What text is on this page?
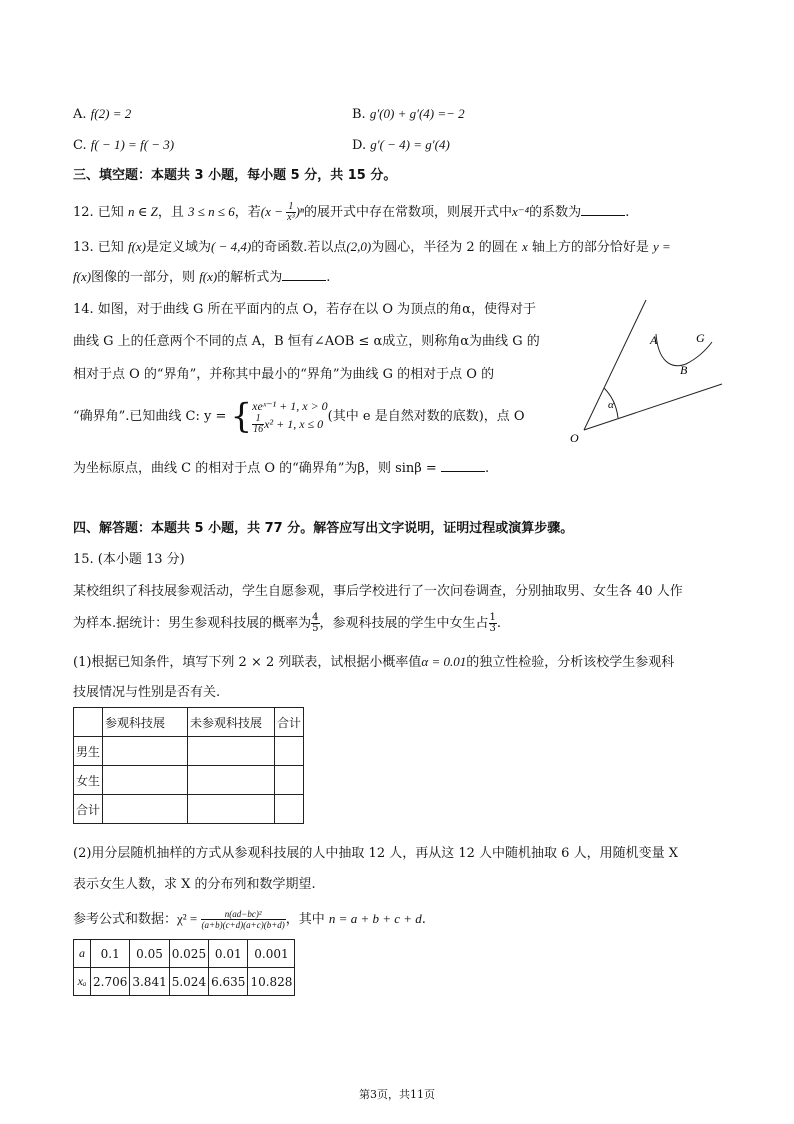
A. f(2) = 2	B. g′(0) + g′(4) =− 2
C. f( − 1) = f( − 3)	D. g′( − 4) = g′(4)
三、填空题：本题共 3 小题，每小题 5 分，共 15 分。
12. 已知 n ∈ Z，且 3 ≤ n ≤ 6，若$(x - \frac{1}{\text{x³}} )^n$的展开式中存在常数项，则展开式中x⁻⁴的系数为	.
13. 已知 f(x)是定义域为( − 4,4)的奇函数.若以点(2,0)为圆心，半径为 2 的圆在 x 轴上方的部分恰好是 y =
f(x)图像的一部分，则 f(x)的解析式为	.
14. 如图，对于曲线 G 所在平面内的点 O，若存在以 O 为顶点的角α，使得对于
曲线 G 上的任意两个不同的点 A，B 恒有∠AOB ≤ α成立，则称角α为曲线 G 的
相对于点 O 的“界角”，并称其中最小的“界角”为曲线 G 的相对于点 O 的
“确界角”.已知曲线 C: y = { xeˣ⁻¹ + 1, x > 0
$\frac{1}{16} x^2 + 1$, x ≤ 0 (其中 e 是自然对数的底数)，点 O
为坐标原点，曲线 C 的相对于点 O 的“确界角”为β，则 sinβ =	.
A	G
B
α
O
四、解答题：本题共 5 小题，共 77 分。解答应写出文字说明，证明过程或演算步骤。
15. (本小题 13 分)
某校组织了科技展参观活动，学生自愿参观，事后学校进行了一次问卷调查，分别抽取男、女生各 40 人作
为样本.据统计：男生参观科技展的概率为 $\frac{4}{5}$ ，参观科技展的学生中女生占 $\frac{1}{3}$ .
(1)根据已知条件，填写下列 2 × 2 列联表，试根据小概率值α = 0.01的独立性检验，分析该校学生参观科
技展情况与性别是否有关.
	参观科技展	未参观科技展	合计
男生			
女生			
合计			
(2)用分层随机抽样的方式从参观科技展的人中抽取 12 人，再从这 12 人中随机抽取 6 人，用随机变量 X
表示女生人数，求 X 的分布列和数学期望.
参考公式和数据：$\chi^2 = \frac{\text{n(ad−bc)²}}{(a+b)(c+d)(a+c)(b+d)}$ ，其中 n = a + b + c + d.
a	0.1	0.05	0.025	0.01	0.001
xₐ	2.706	3.841	5.024	6.635	10.828
第3页，共11页
